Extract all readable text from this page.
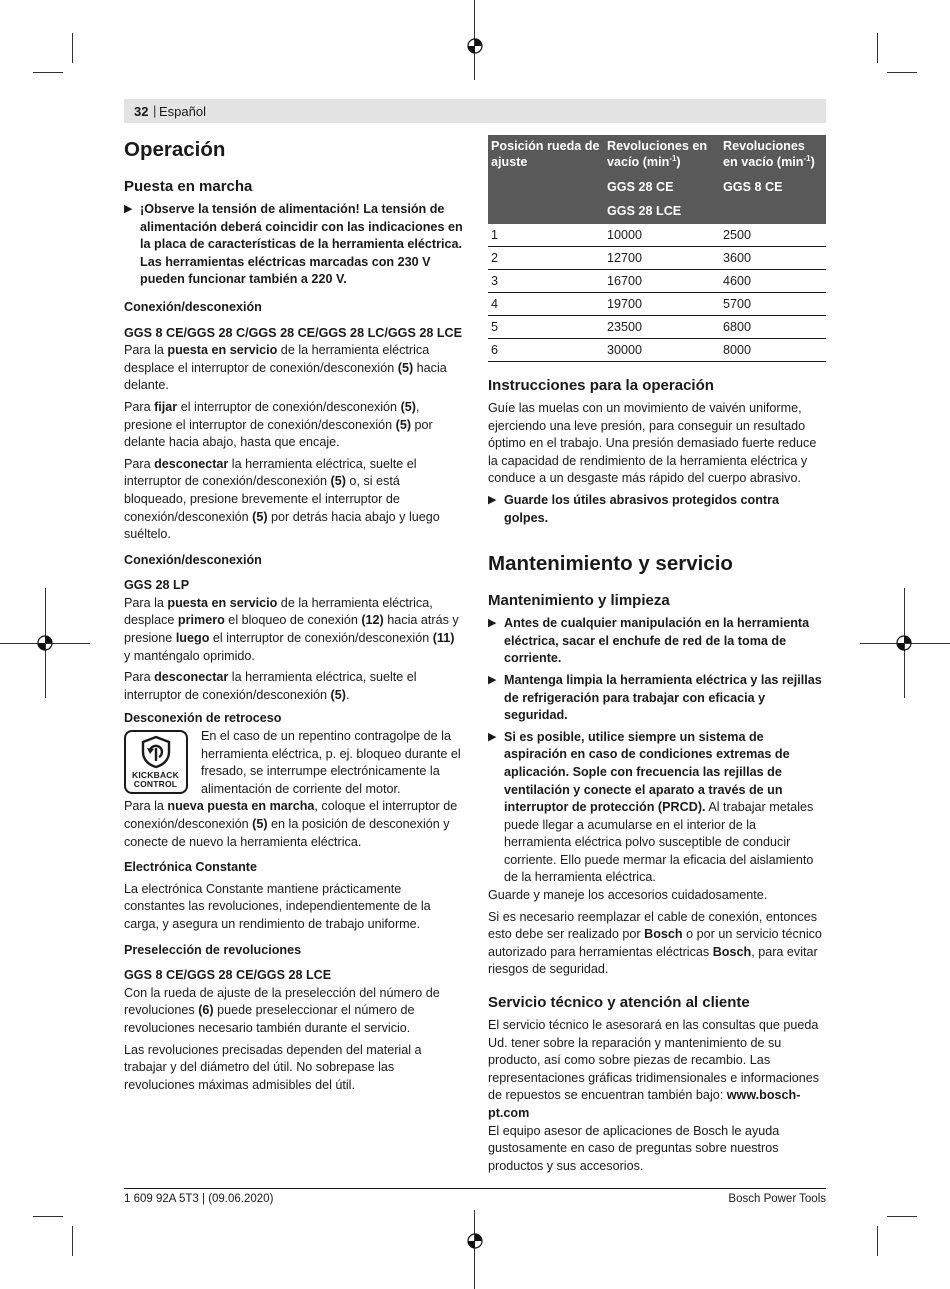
32 | Español
Operación
Puesta en marcha
▶ ¡Observe la tensión de alimentación! La tensión de alimentación deberá coincidir con las indicaciones en la placa de características de la herramienta eléctrica. Las herramientas eléctricas marcadas con 230 V pueden funcionar también a 220 V.
Conexión/desconexión
GGS 8 CE/GGS 28 C/GGS 28 CE/GGS 28 LC/GGS 28 LCE

Para la puesta en servicio de la herramienta eléctrica desplace el interruptor de conexión/desconexión (5) hacia delante.

Para fijar el interruptor de conexión/desconexión (5), presione el interruptor de conexión/desconexión (5) por delante hacia abajo, hasta que encaje.

Para desconectar la herramienta eléctrica, suelte el interruptor de conexión/desconexión (5) o, si está bloqueado, presione brevemente el interruptor de conexión/desconexión (5) por detrás hacia abajo y luego suéltelo.

Conexión/desconexión
GGS 28 LP

Para la puesta en servicio de la herramienta eléctrica, desplace primero el bloqueo de conexión (12) hacia atrás y presione luego el interruptor de conexión/desconexión (11) y manténgalo oprimido.

Para desconectar la herramienta eléctrica, suelte el interruptor de conexión/desconexión (5).

Desconexión de retroceso
KICKBACK
CONTROL

En el caso de un repentino contragolpe de la herramienta eléctrica, p. ej. bloqueo durante el fresado, se interrumpe electrónicamente la alimentación de corriente del motor.

Para la nueva puesta en marcha, coloque el interruptor de conexión/desconexión (5) en la posición de desconexión y conecte de nuevo la herramienta eléctrica.

Electrónica Constante

La electrónica Constante mantiene prácticamente constantes las revoluciones, independientemente de la carga, y asegura un rendimiento de trabajo uniforme.

Preselección de revoluciones
GGS 8 CE/GGS 28 CE/GGS 28 LCE

Con la rueda de ajuste de la preselección del número de revoluciones (6) puede preseleccionar el número de revoluciones necesario también durante el servicio.

Las revoluciones precisadas dependen del material a trabajar y del diámetro del útil. No sobrepase las revoluciones máximas admisibles del útil.

Posición rueda de ajuste	Revoluciones en vacío $(\min^{-1})$	Revoluciones en vacío $(\min^{-1})$
	GGS 28 CE	GGS 8 CE
	GGS 28 LCE	
1	10000	2500
2	12700	3600
3	16700	4600
4	19700	5700
5	23500	6800
6	30000	8000
Instrucciones para la operación

Guíe las muelas con un movimiento de vaivén uniforme, ejerciendo una leve presión, para conseguir un resultado óptimo en el trabajo. Una presión demasiado fuerte reduce la capacidad de rendimiento de la herramienta eléctrica y conduce a un desgaste más rápido del cuerpo abrasivo.

▶ Guarde los útiles abrasivos protegidos contra golpes.
Mantenimiento y servicio
Mantenimiento y limpieza
▶ Antes de cualquier manipulación en la herramienta eléctrica, sacar el enchufe de red de la toma de corriente.
▶ Mantenga limpia la herramienta eléctrica y las rejillas de refrigeración para trabajar con eficacia y seguridad.
▶ Si es posible, utilice siempre un sistema de aspiración en caso de condiciones extremas de aplicación. Sople con frecuencia las rejillas de ventilación y conecte el aparato a través de un interruptor de protección (PRCD). Al trabajar metales puede llegar a acumularse en el interior de la herramienta eléctrica polvo susceptible de conducir corriente. Ello puede mermar la eficacia del aislamiento de la herramienta eléctrica.

Guarde y maneje los accesorios cuidadosamente.

Si es necesario reemplazar el cable de conexión, entonces esto debe ser realizado por Bosch o por un servicio técnico autorizado para herramientas eléctricas Bosch, para evitar riesgos de seguridad.

Servicio técnico y atención al cliente

El servicio técnico le asesorará en las consultas que pueda Ud. tener sobre la reparación y mantenimiento de su producto, así como sobre piezas de recambio. Las representaciones gráficas tridimensionales e informaciones de repuestos se encuentran también bajo: www.bosch-pt.com

El equipo asesor de aplicaciones de Bosch le ayuda gustosamente en caso de preguntas sobre nuestros productos y sus accesorios.

1 609 92A 5T3 | (09.06.2020)	Bosch Power Tools
